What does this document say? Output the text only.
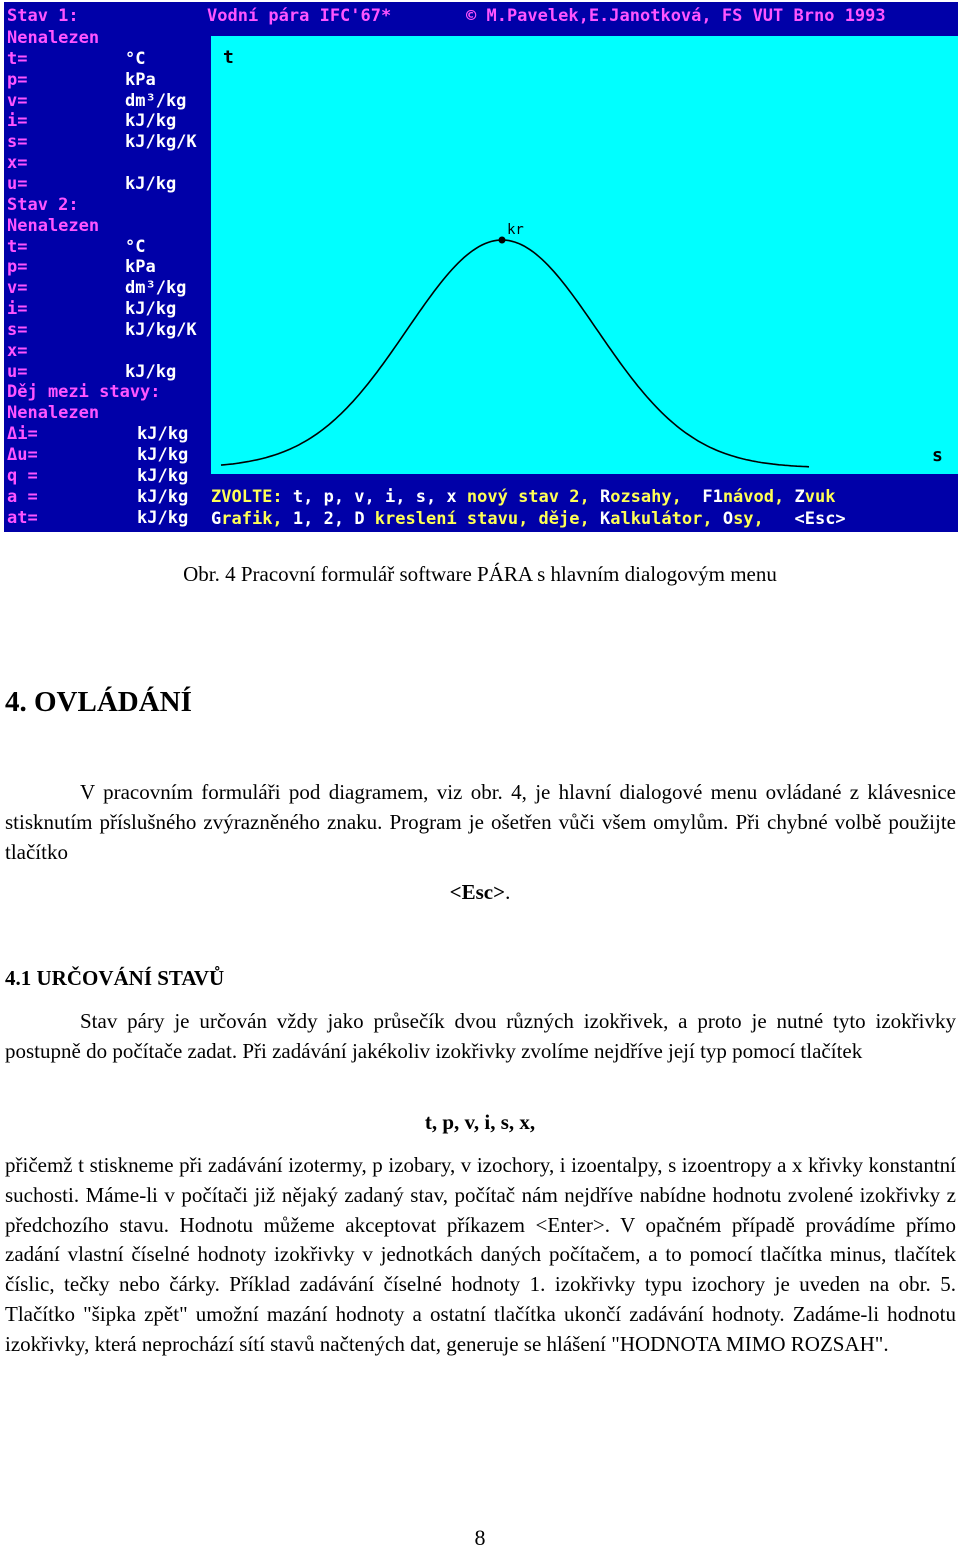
Stav 1:

	Vodní pára IFC'67*

	© M.Pavelek,E.Janotková, FS VUT Brno 1993

Nenalezen
t=	°C
p=	kPa
v=	dm³/kg
i=	kJ/kg
s=	kJ/kg/K
x=
u=	kJ/kg
Stav 2:
Nenalezen
t=	°C
p=	kPa
v=	dm³/kg
i=	kJ/kg
s=	kJ/kg/K
x=
u=	kJ/kg
Děj mezi stavy:
Nenalezen
Δi=	kJ/kg
Δu=	kJ/kg
q =	kJ/kg
a =	kJ/kg
at=	kJ/kg
t
s
kr

ZVOLTE: t, p, v, i, s, x nový stav 2, Rozsahy,  F1návod, Zvuk

Grafik, 1, 2, D kreslení stavu, děje, Kalkulátor, Osy,   <Esc>

Obr. 4 Pracovní formulář software PÁRA s hlavním dialogovým menu
4. OVLÁDÁNÍ

V pracovním formuláři pod diagramem, viz obr. 4, je hlavní dialogové menu ovládané z klávesnice stisknutím příslušného zvýrazněného znaku. Program je ošetřen vůči všem omylům. Při chybné volbě použijte tlačítko

<Esc>.
4.1 URČOVÁNÍ STAVŮ

Stav páry je určován vždy jako průsečík dvou různých izokřivek, a proto je nutné tyto izokřivky postupně do počítače zadat. Při zadávání jakékoliv izokřivky zvolíme nejdříve její typ pomocí tlačítek

t, p, v, i, s, x,

přičemž t stiskneme při zadávání izotermy, p izobary, v izochory, i izoentalpy, s izoentropy a x křivky konstantní suchosti. Máme-li v počítači již nějaký zadaný stav, počítač nám nejdříve nabídne hodnotu zvolené izokřivky z předchozího stavu. Hodnotu můžeme akceptovat příkazem <Enter>. V opačném případě provádíme přímo zadání vlastní číselné hodnoty izokřivky v jednotkách daných počítačem, a to pomocí tlačítka minus, tlačítek číslic, tečky nebo čárky. Příklad zadávání číselné hodnoty 1. izokřivky typu izochory je uveden na obr. 5. Tlačítko "šipka zpět" umožní mazání hodnoty a ostatní tlačítka ukončí zadávání hodnoty. Zadáme-li hodnotu izokřivky, která neprochází sítí stavů načtených dat, generuje se hlášení "HODNOTA MIMO ROZSAH".

8
